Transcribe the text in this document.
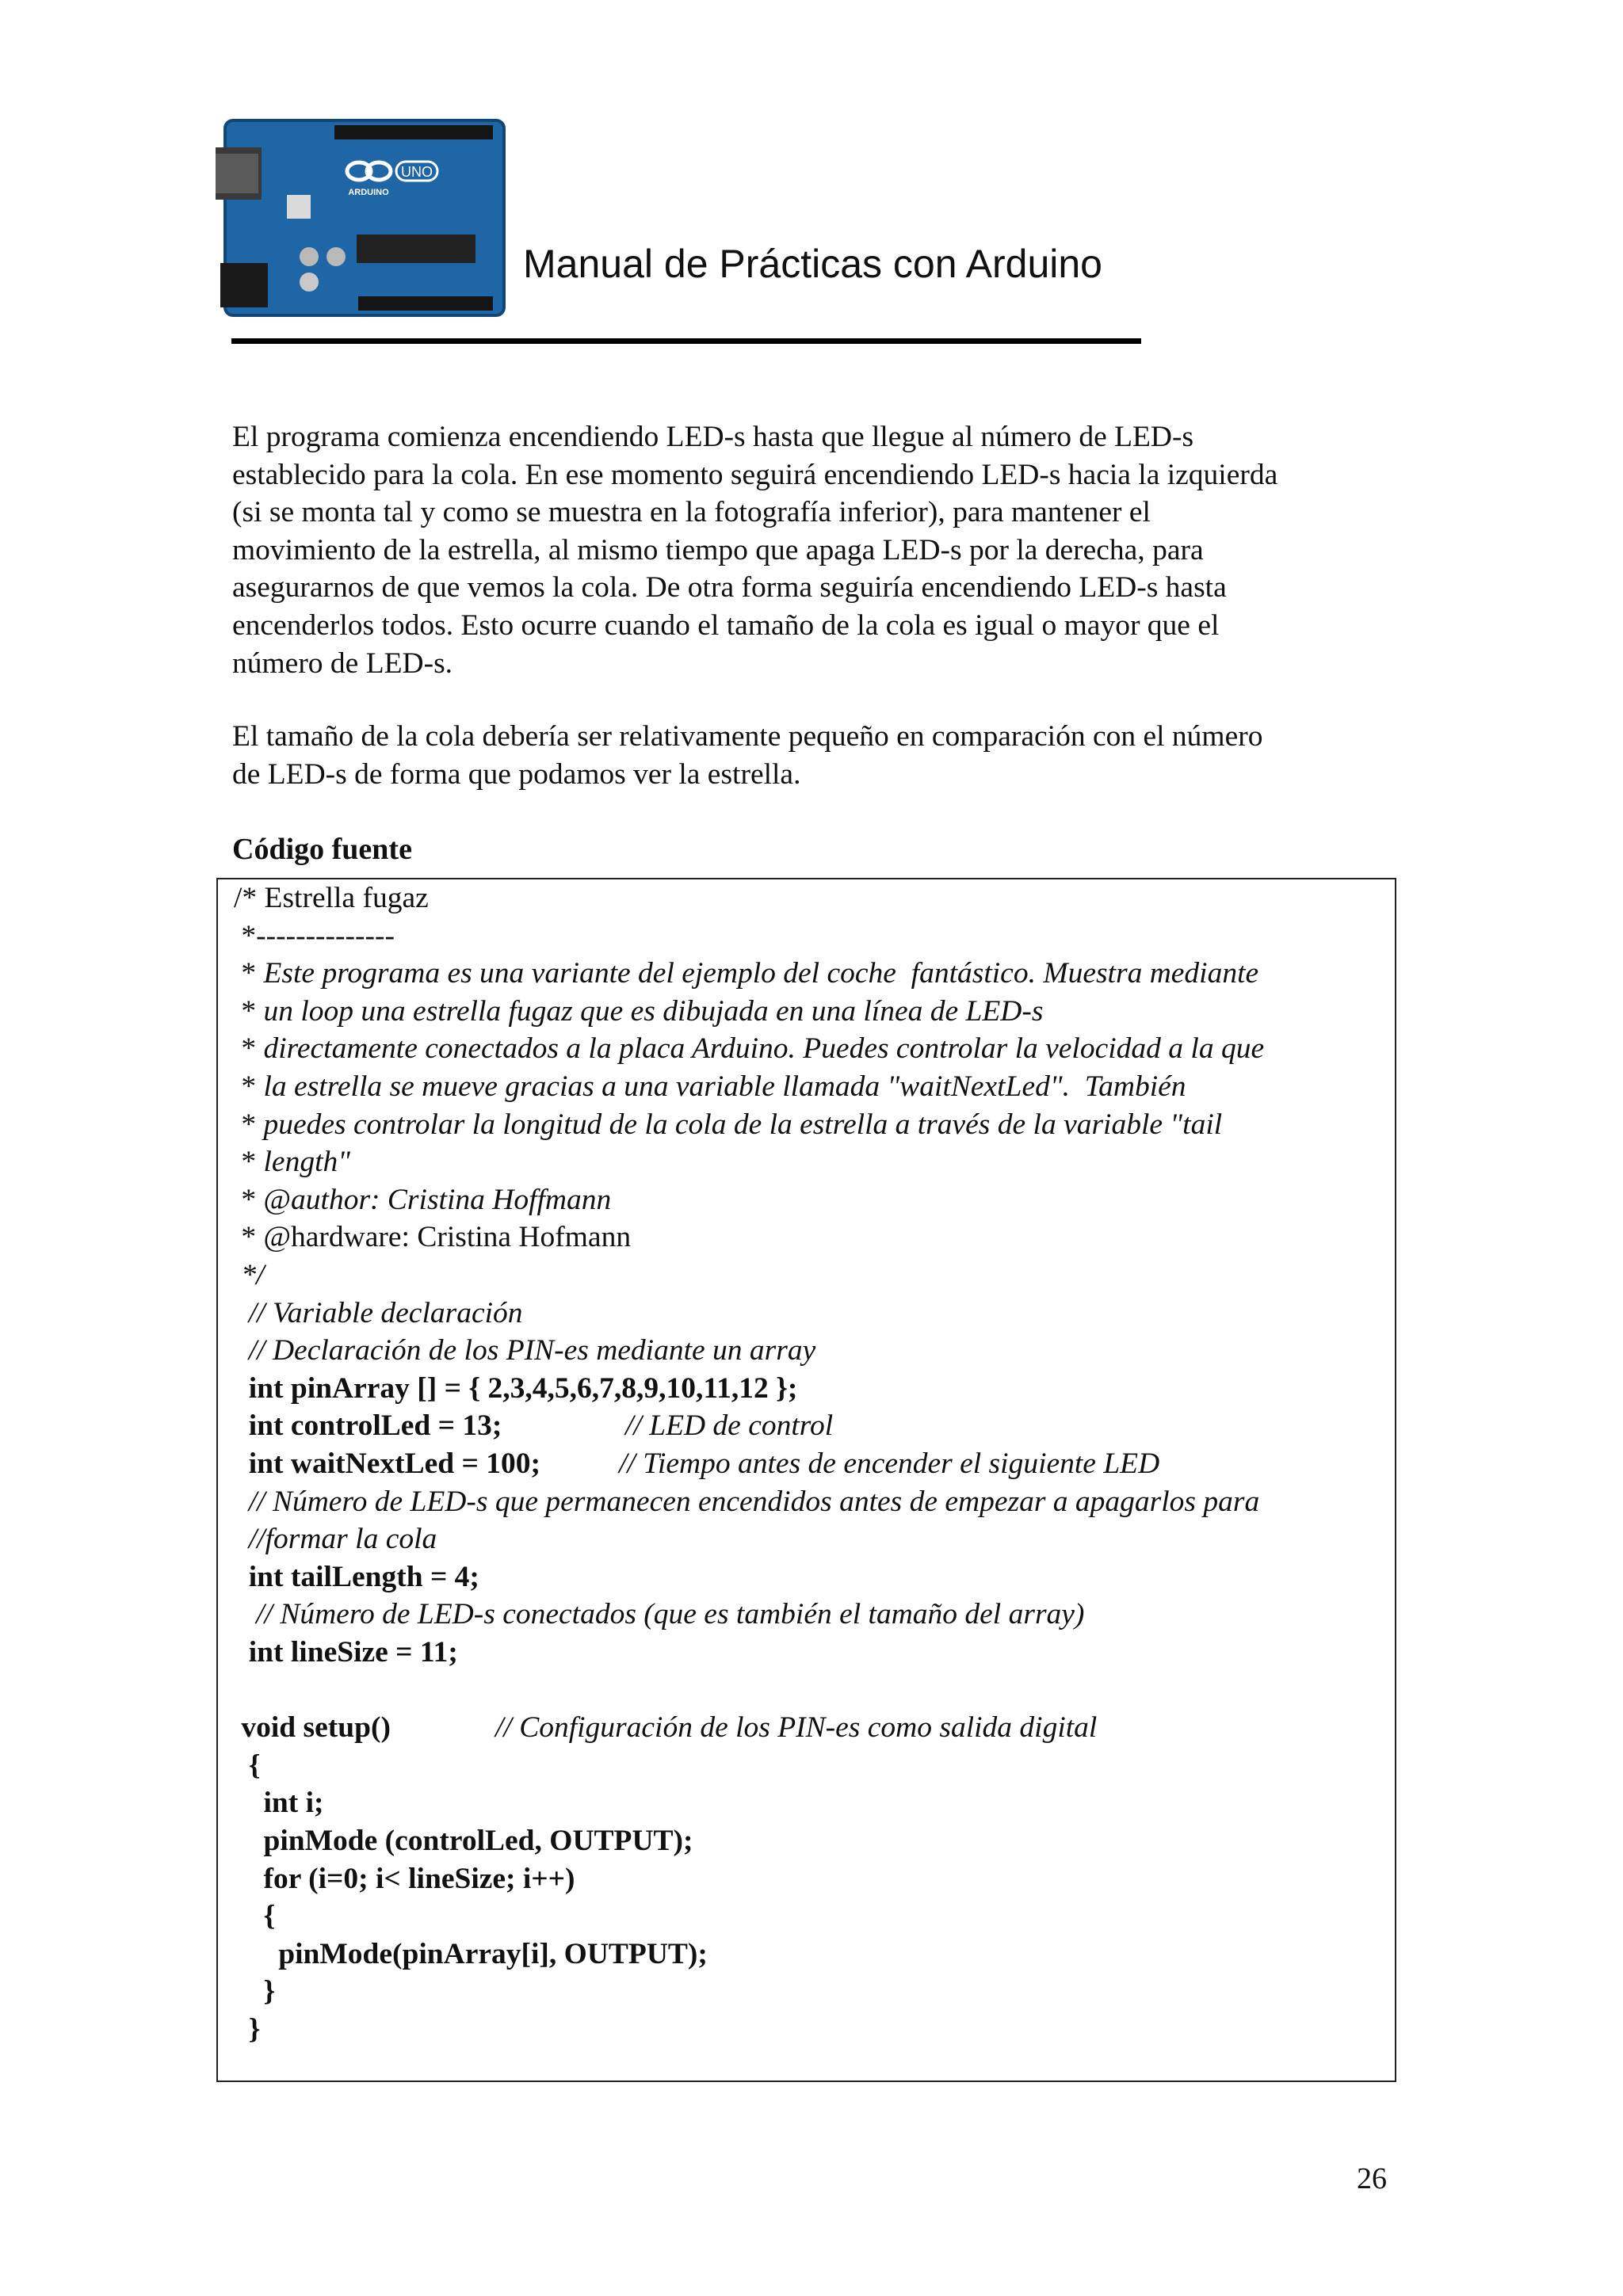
UNO
ARDUINO
Manual de Prácticas con Arduino
El programa comienza encendiendo LED-s hasta que llegue al número de LED-s
establecido para la cola. En ese momento seguirá encendiendo LED-s hacia la izquierda
(si se monta tal y como se muestra en la fotografía inferior), para mantener el
movimiento de la estrella, al mismo tiempo que apaga LED-s por la derecha, para
asegurarnos de que vemos la cola. De otra forma seguiría encendiendo LED-s hasta
encenderlos todos. Esto ocurre cuando el tamaño de la cola es igual o mayor que el
número de LED-s.
El tamaño de la cola debería ser relativamente pequeño en comparación con el número
de LED-s de forma que podamos ver la estrella.
Código fuente
/* Estrella fugaz
*--------------
* Este programa es una variante del ejemplo del coche  fantástico. Muestra mediante
* un loop una estrella fugaz que es dibujada en una línea de LED-s
* directamente conectados a la placa Arduino. Puedes controlar la velocidad a la que
* la estrella se mueve gracias a una variable llamada "waitNextLed".  También
* puedes controlar la longitud de la cola de la estrella a través de la variable "tail
* length"
* @author: Cristina Hoffmann
* @hardware: Cristina Hofmann
*/
// Variable declaración
// Declaración de los PIN-es mediante un array
int pinArray [] = { 2,3,4,5,6,7,8,9,10,11,12 };
int controlLed = 13;	// LED de control
int waitNextLed = 100;	// Tiempo antes de encender el siguiente LED
// Número de LED-s que permanecen encendidos antes de empezar a apagarlos para
//formar la cola
int tailLength = 4;
// Número de LED-s conectados (que es también el tamaño del array)
int lineSize = 11;
void setup()	// Configuración de los PIN-es como salida digital
{
int i;
pinMode (controlLed, OUTPUT);
for (i=0; i< lineSize; i++)
{
pinMode(pinArray[i], OUTPUT);
}
}
26
